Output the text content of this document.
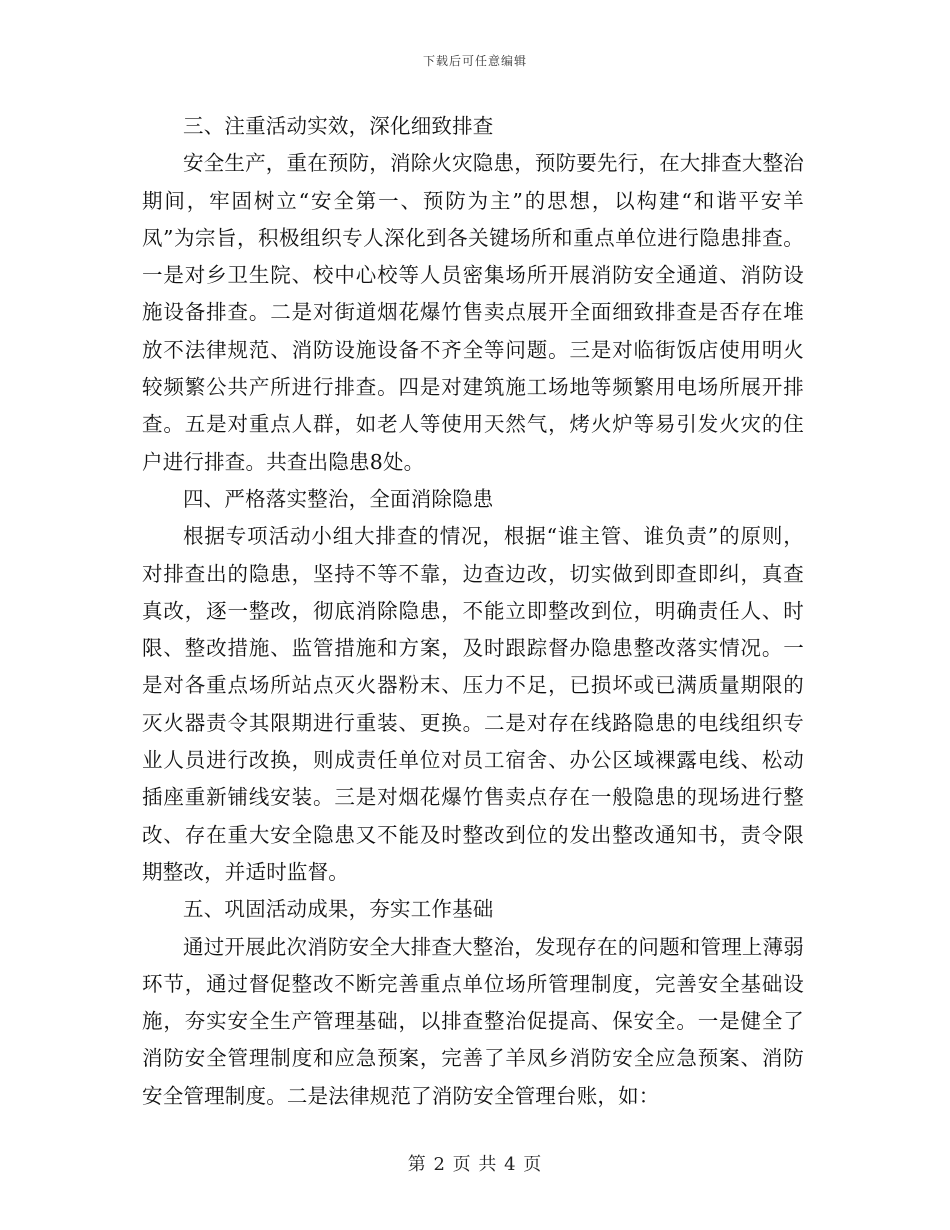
下载后可任意编辑

三、注重活动实效，深化细致排查

安全生产，重在预防，消除火灾隐患，预防要先行，在大排查大整治期间，牢固树立“安全第一、预防为主”的思想，以构建“和谐平安羊凤”为宗旨，积极组织专人深化到各关键场所和重点单位进行隐患排查。一是对乡卫生院、校中心校等人员密集场所开展消防安全通道、消防设施设备排查。二是对街道烟花爆竹售卖点展开全面细致排查是否存在堆放不法律规范、消防设施设备不齐全等问题。三是对临街饭店使用明火较频繁公共产所进行排查。四是对建筑施工场地等频繁用电场所展开排查。五是对重点人群，如老人等使用天然气，烤火炉等易引发火灾的住户进行排查。共查出隐患8处。

四、严格落实整治，全面消除隐患

根据专项活动小组大排查的情况，根据“谁主管、谁负责”的原则，对排查出的隐患，坚持不等不靠，边查边改，切实做到即查即纠，真查真改，逐一整改，彻底消除隐患，不能立即整改到位，明确责任人、时限、整改措施、监管措施和方案，及时跟踪督办隐患整改落实情况。一是对各重点场所站点灭火器粉末、压力不足，已损坏或已满质量期限的灭火器责令其限期进行重装、更换。二是对存在线路隐患的电线组织专业人员进行改换，则成责任单位对员工宿舍、办公区域裸露电线、松动插座重新铺线安装。三是对烟花爆竹售卖点存在一般隐患的现场进行整改、存在重大安全隐患又不能及时整改到位的发出整改通知书，责令限期整改，并适时监督。

五、巩固活动成果，夯实工作基础

通过开展此次消防安全大排查大整治，发现存在的问题和管理上薄弱环节，通过督促整改不断完善重点单位场所管理制度，完善安全基础设施，夯实安全生产管理基础，以排查整治促提高、保安全。一是健全了消防安全管理制度和应急预案，完善了羊凤乡消防安全应急预案、消防安全管理制度。二是法律规范了消防安全管理台账，如：

第 2 页 共 4 页
